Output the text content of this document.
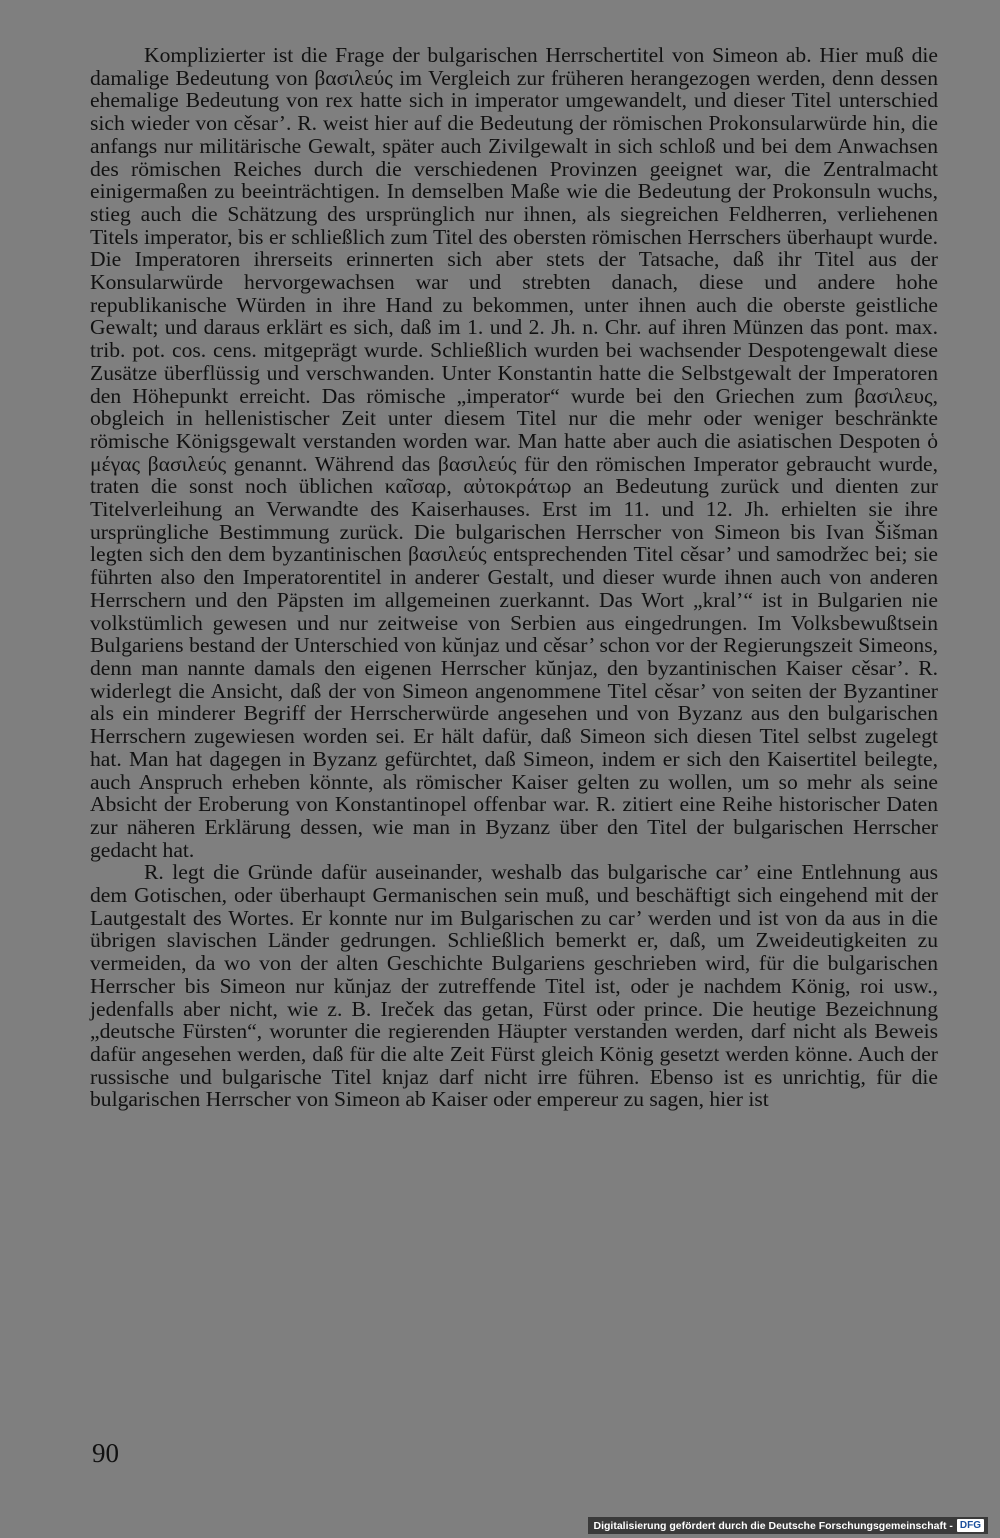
Komplizierter ist die Frage der bulgarischen Herrschertitel von Simeon ab. Hier muß die damalige Bedeutung von βασιλεύς im Vergleich zur früheren herangezogen werden, denn dessen ehemalige Bedeutung von rex hatte sich in imperator umgewandelt, und dieser Titel unterschied sich wieder von cěsar’. R. weist hier auf die Bedeutung der römischen Prokonsularwürde hin, die anfangs nur militärische Gewalt, später auch Zivilgewalt in sich schloß und bei dem Anwachsen des römischen Reiches durch die verschiedenen Provinzen geeignet war, die Zentralmacht einigermaßen zu beeinträchtigen. In demselben Maße wie die Bedeutung der Prokonsuln wuchs, stieg auch die Schätzung des ursprünglich nur ihnen, als siegreichen Feldherren, verliehenen Titels imperator, bis er schließlich zum Titel des obersten römischen Herrschers überhaupt wurde. Die Imperatoren ihrerseits erinnerten sich aber stets der Tatsache, daß ihr Titel aus der Konsularwürde hervorgewachsen war und strebten danach, diese und andere hohe republikanische Würden in ihre Hand zu bekommen, unter ihnen auch die oberste geistliche Gewalt; und daraus erklärt es sich, daß im 1. und 2. Jh. n. Chr. auf ihren Münzen das pont. max. trib. pot. cos. cens. mitgeprägt wurde. Schließlich wurden bei wachsender Despotengewalt diese Zusätze überflüssig und verschwanden. Unter Konstantin hatte die Selbstgewalt der Imperatoren den Höhepunkt erreicht. Das römische „imperator“ wurde bei den Griechen zum βασιλευς, obgleich in hellenistischer Zeit unter diesem Titel nur die mehr oder weniger beschränkte römische Königsgewalt verstanden worden war. Man hatte aber auch die asiatischen Despoten ὁ μέγας βασιλεύς genannt. Während das βασιλεύς für den römischen Imperator gebraucht wurde, traten die sonst noch üblichen καῖσαρ, αὐτοκράτωρ an Bedeutung zurück und dienten zur Titelverleihung an Verwandte des Kaiserhauses. Erst im 11. und 12. Jh. erhielten sie ihre ursprüngliche Bestimmung zurück. Die bulgarischen Herrscher von Simeon bis Ivan Šišman legten sich den dem byzantinischen βασιλεύς entsprechenden Titel cěsar’ und samodržec bei; sie führten also den Imperatorentitel in anderer Gestalt, und dieser wurde ihnen auch von anderen Herrschern und den Päpsten im allgemeinen zuerkannt. Das Wort „kral’“ ist in Bulgarien nie volkstümlich gewesen und nur zeitweise von Serbien aus eingedrungen. Im Volksbewußtsein Bulgariens bestand der Unterschied von kŭnjaz und cěsar’ schon vor der Regierungszeit Simeons, denn man nannte damals den eigenen Herrscher kŭnjaz, den byzantinischen Kaiser cěsar’. R. widerlegt die Ansicht, daß der von Simeon angenommene Titel cěsar’ von seiten der Byzantiner als ein minderer Begriff der Herrscherwürde angesehen und von Byzanz aus den bulgarischen Herrschern zugewiesen worden sei. Er hält dafür, daß Simeon sich diesen Titel selbst zugelegt hat. Man hat dagegen in Byzanz gefürchtet, daß Simeon, indem er sich den Kaisertitel beilegte, auch Anspruch erheben könnte, als römischer Kaiser gelten zu wollen, um so mehr als seine Absicht der Eroberung von Konstantinopel offenbar war. R. zitiert eine Reihe historischer Daten zur näheren Erklärung dessen, wie man in Byzanz über den Titel der bulgarischen Herrscher gedacht hat.

R. legt die Gründe dafür auseinander, weshalb das bulgarische car’ eine Entlehnung aus dem Gotischen, oder überhaupt Germanischen sein muß, und beschäftigt sich eingehend mit der Lautgestalt des Wortes. Er konnte nur im Bulgarischen zu car’ werden und ist von da aus in die übrigen slavischen Länder gedrungen. Schließlich bemerkt er, daß, um Zweideutigkeiten zu vermeiden, da wo von der alten Geschichte Bulgariens geschrieben wird, für die bulgarischen Herrscher bis Simeon nur kŭnjaz der zutreffende Titel ist, oder je nachdem König, roi usw., jedenfalls aber nicht, wie z. B. Ireček das getan, Fürst oder prince. Die heutige Bezeichnung „deutsche Fürsten“, worunter die regierenden Häupter verstanden werden, darf nicht als Beweis dafür angesehen werden, daß für die alte Zeit Fürst gleich König gesetzt werden könne. Auch der russische und bulgarische Titel knjaz darf nicht irre führen. Ebenso ist es unrichtig, für die bulgarischen Herrscher von Simeon ab Kaiser oder empereur zu sagen, hier ist

90
Digitalisierung gefördert durch die Deutsche Forschungsgemeinschaft - DFG
